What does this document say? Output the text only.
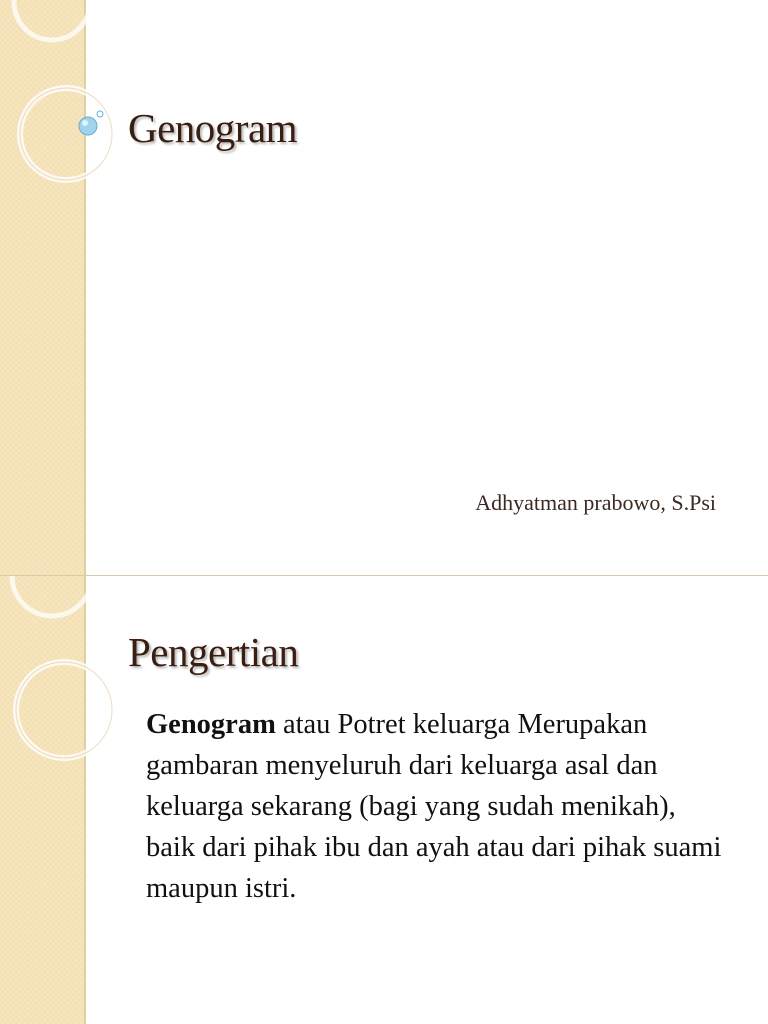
Genogram
Adhyatman prabowo, S.Psi
Pengertian
Genogram atau Potret keluarga Merupakan gambaran menyeluruh dari keluarga asal dan keluarga sekarang (bagi yang sudah menikah), baik dari pihak ibu dan ayah atau dari pihak suami maupun istri.
